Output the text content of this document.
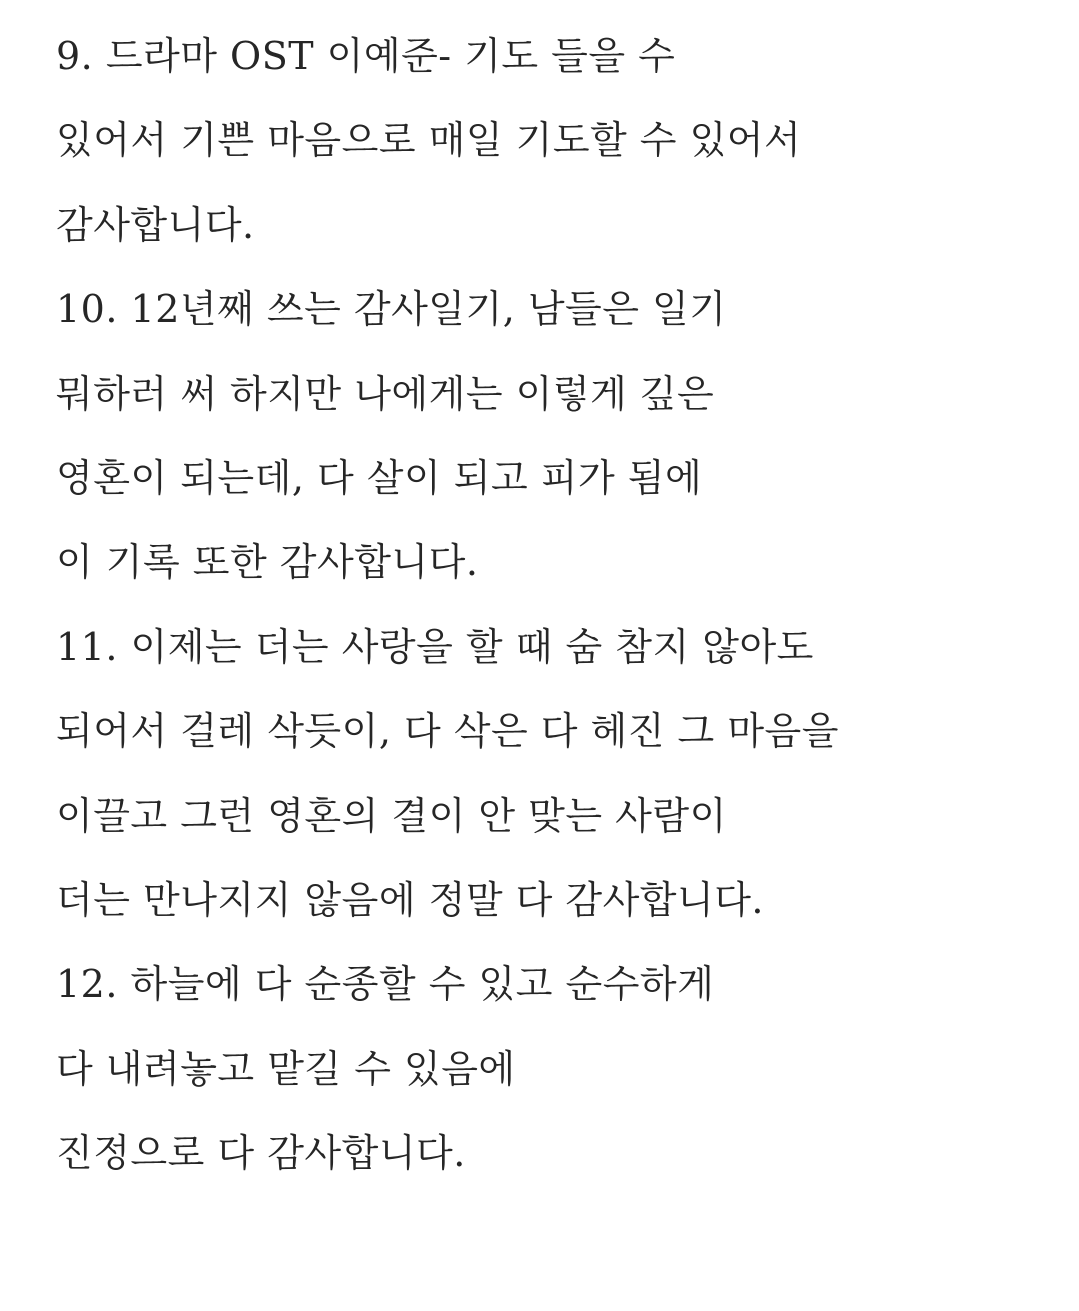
9. 드라마 OST 이예준- 기도 들을 수
있어서 기쁜 마음으로 매일 기도할 수 있어서
감사합니다.
10. 12년째 쓰는 감사일기, 남들은 일기
뭐하러 써 하지만 나에게는 이렇게 깊은
영혼이 되는데, 다 살이 되고 피가 됨에
이 기록 또한 감사합니다.
11. 이제는 더는 사랑을 할 때 숨 참지 않아도
되어서 걸레 삭듯이, 다 삭은 다 헤진 그 마음을
이끌고 그런 영혼의 결이 안 맞는 사람이
더는 만나지지 않음에 정말 다 감사합니다.
12. 하늘에 다 순종할 수 있고 순수하게
다 내려놓고 맡길 수 있음에
진정으로 다 감사합니다.
